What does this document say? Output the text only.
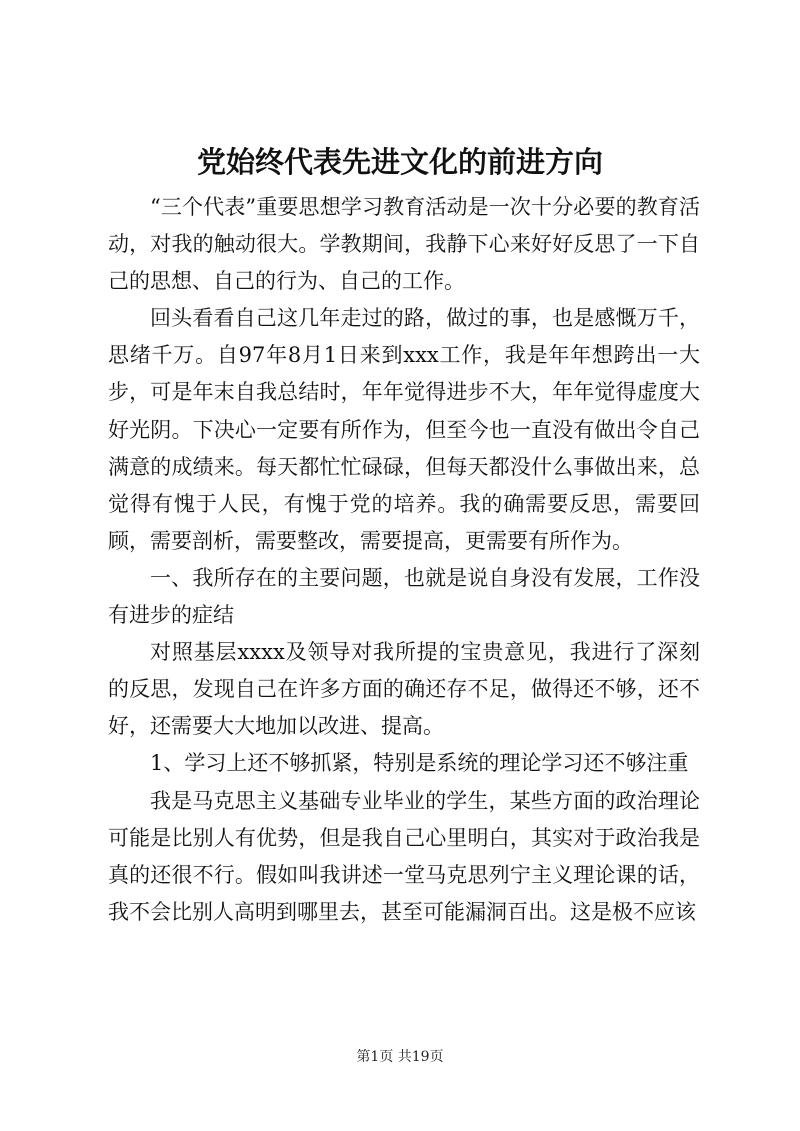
党始终代表先进文化的前进方向

“三个代表”重要思想学习教育活动是一次十分必要的教育活动，对我的触动很大。学教期间，我静下心来好好反思了一下自己的思想、自己的行为、自己的工作。

回头看看自己这几年走过的路，做过的事，也是感慨万千，思绪千万。自97年8月1日来到xxx工作，我是年年想跨出一大步，可是年末自我总结时，年年觉得进步不大，年年觉得虚度大好光阴。下决心一定要有所作为，但至今也一直没有做出令自己满意的成绩来。每天都忙忙碌碌，但每天都没什么事做出来，总觉得有愧于人民，有愧于党的培养。我的确需要反思，需要回顾，需要剖析，需要整改，需要提高，更需要有所作为。

一、我所存在的主要问题，也就是说自身没有发展，工作没有进步的症结

对照基层xxxx及领导对我所提的宝贵意见，我进行了深刻的反思，发现自己在许多方面的确还存不足，做得还不够，还不好，还需要大大地加以改进、提高。

1、学习上还不够抓紧，特别是系统的理论学习还不够注重

我是马克思主义基础专业毕业的学生，某些方面的政治理论可能是比别人有优势，但是我自己心里明白，其实对于政治我是真的还很不行。假如叫我讲述一堂马克思列宁主义理论课的话，我不会比别人高明到哪里去，甚至可能漏洞百出。这是极不应该

第1页 共19页
